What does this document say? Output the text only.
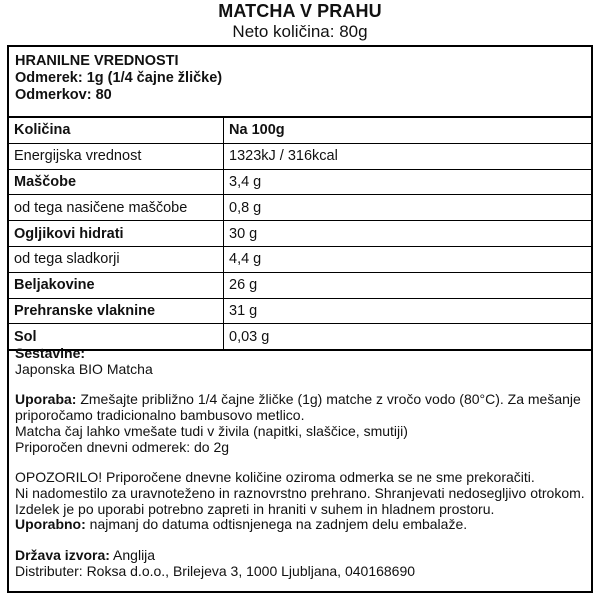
MATCHA V PRAHU
Neto količina: 80g
HRANILNE VREDNOSTI
Odmerek: 1g (1/4 čajne žličke)
Odmerkov: 80
Količina	Na 100g
Energijska vrednost	1323kJ / 316kcal
Maščobe	3,4 g
od tega nasičene maščobe	0,8 g
Ogljikovi hidrati	30 g
od tega sladkorji	4,4 g
Beljakovine	26 g
Prehranske vlaknine	31 g
Sol	0,03 g

Sestavine:

Japonska BIO Matcha

Uporaba: Zmešajte približno 1/4 čajne žličke (1g) matche z vročo vodo (80°C). Za mešanje

priporočamo tradicionalno bambusovo metlico.

Matcha čaj lahko vmešate tudi v živila (napitki, slaščice, smutiji)

Priporočen dnevni odmerek: do 2g

OPOZORILO! Priporočene dnevne količine oziroma odmerka se ne sme prekoračiti.

Ni nadomestilo za uravnoteženo in raznovrstno prehrano. Shranjevati nedosegljivo otrokom.

Izdelek je po uporabi potrebno zapreti in hraniti v suhem in hladnem prostoru.

Uporabno: najmanj do datuma odtisnjenega na zadnjem delu embalaže.

Država izvora: Anglija

Distributer: Roksa d.o.o., Brilejeva 3, 1000 Ljubljana, 040168690
